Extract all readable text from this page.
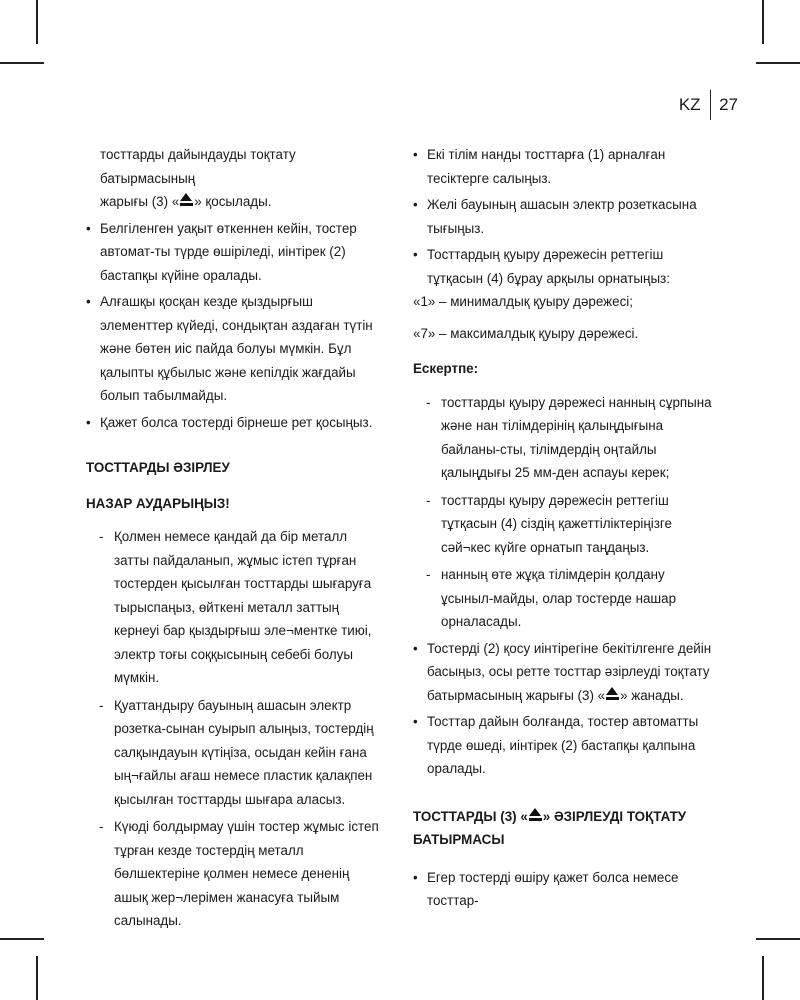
KZ	27

тосттарды дайындауды тоқтату батырмасының

жарығы (3) « » қосылады.

• Белгіленген уақыт өткеннен кейін, тостер автомат-ты түрде өшіріледі, иінтірек (2) бастапқы күйіне оралады.

• Алғашқы қосқан кезде қыздырғыш элементтер күйеді, сондықтан аздаған түтін және бөтен иіс пайда болуы мүмкін. Бұл қалыпты құбылыс және кепілдік жағдайы болып табылмайды.

• Қажет болса тостерді бірнеше рет қосыңыз.

ТОСТТАРДЫ ӘЗІРЛЕУ

НАЗАР АУДАРЫҢЫЗ!

- Қолмен немесе қандай да бір металл затты пайдаланып, жұмыс істеп тұрған тостерден қысылған тосттарды шығаруға тырыспаңыз, өйткені металл заттың кернеуі бар қыздырғыш эле¬ментке тиюі, электр тоғы соққысының себебі болуы мүмкін.

- Қуаттандыру бауының ашасын электр розетка-сынан суырып алыңыз, тостердің салқындауын күтіңіза, осыдан кейін ғана ың¬ғайлы ағаш немесе пластик қалақпен қысылған тосттарды шығара аласыз.

- Күюді болдырмау үшін тостер жұмыс істеп тұрған кезде тостердің металл бөлшектеріне қолмен немесе дененің ашық жер¬лерімен жанасуға тыйым салынады.

• Екі тілім нанды тосттарға (1) арналған тесіктерге салыңыз.

• Желі бауының ашасын электр розеткасына тығыңыз.

• Тосттардың қуыру дәрежесін реттегіш тұтқасын (4) бұрау арқылы орнатыңыз:

«1» – минималдық қуыру дәрежесі;

«7» – максималдық қуыру дәрежесі.

Ескертпе:

- тосттарды қуыру дәрежесі нанның сұрпына және нан тілімдерінің қалыңдығына байланы-сты, тілімдердің оңтайлы қалыңдығы 25 мм-ден аспауы керек;

- тосттарды қуыру дәрежесін реттегіш тұтқасын (4) сіздің қажеттіліктеріңізге сәй¬кес күйге орнатып таңдаңыз.

- нанның өте жұқа тілімдерін қолдану ұсыныл-майды, олар тостерде нашар орналасады.

• Тостерді (2) қосу иінтірегіне бекітілгенге дейін басыңыз, осы ретте тосттар әзірлеуді тоқтату батырмасының жарығы (3) « » жанады.

• Тосттар дайын болғанда, тостер автоматты түрде өшеді, иінтірек (2) бастапқы қалпына оралады.

ТОСТТАРДЫ (3) « » ӘЗІРЛЕУДІ ТОҚТАТУ БАТЫРМАСЫ

• Егер тостерді өшіру қажет болса немесе тосттар-
